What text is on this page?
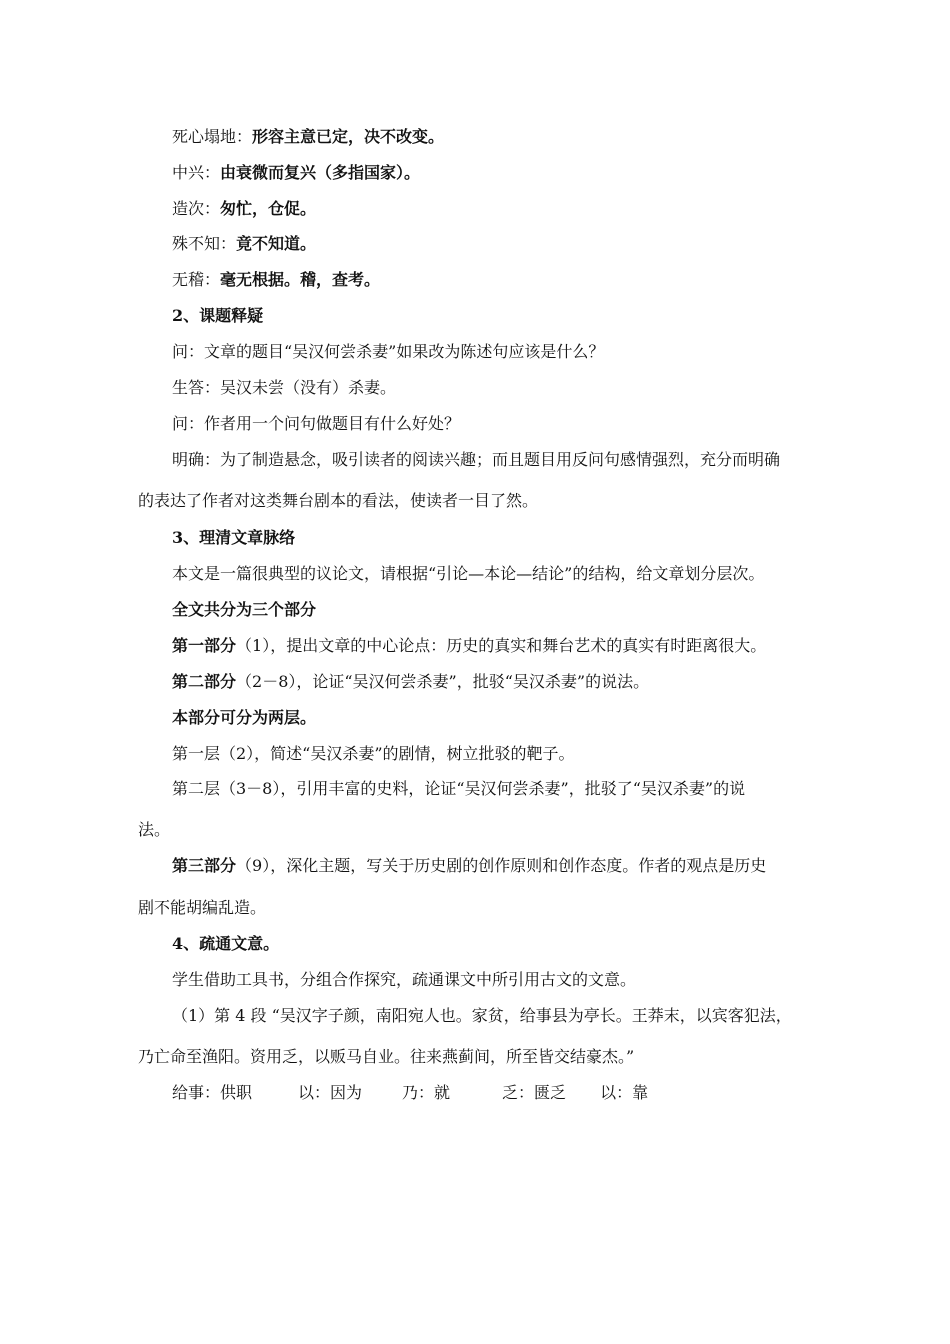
死心塌地：形容主意已定，决不改变。
中兴：由衰微而复兴（多指国家）。
造次：匆忙，仓促。
殊不知：竟不知道。
无稽：毫无根据。稽，查考。
2、课题释疑
问：文章的题目“吴汉何尝杀妻”如果改为陈述句应该是什么？
生答：吴汉未尝（没有）杀妻。
问：作者用一个问句做题目有什么好处？
明确：为了制造悬念，吸引读者的阅读兴趣；而且题目用反问句感情强烈，充分而明确
的表达了作者对这类舞台剧本的看法，使读者一目了然。
3、理清文章脉络
本文是一篇很典型的议论文，请根据“引论—本论—结论”的结构，给文章划分层次。
全文共分为三个部分
第一部分（1），提出文章的中心论点：历史的真实和舞台艺术的真实有时距离很大。
第二部分（2－8），论证“吴汉何尝杀妻”，批驳“吴汉杀妻”的说法。
本部分可分为两层。
第一层（2），简述“吴汉杀妻”的剧情，树立批驳的靶子。
第二层（3－8），引用丰富的史料，论证“吴汉何尝杀妻”，批驳了“吴汉杀妻”的说
法。
第三部分（9），深化主题，写关于历史剧的创作原则和创作态度。作者的观点是历史
剧不能胡编乱造。
4、疏通文意。
学生借助工具书，分组合作探究，疏通课文中所引用古文的文意。
（1）第 4 段 “吴汉字子颜，南阳宛人也。家贫，给事县为亭长。王莽末，以宾客犯法，
乃亡命至渔阳。资用乏，以贩马自业。往来燕蓟间，所至皆交结豪杰。”
给事：供职	以：因为	乃：就	乏：匮乏 以：靠
